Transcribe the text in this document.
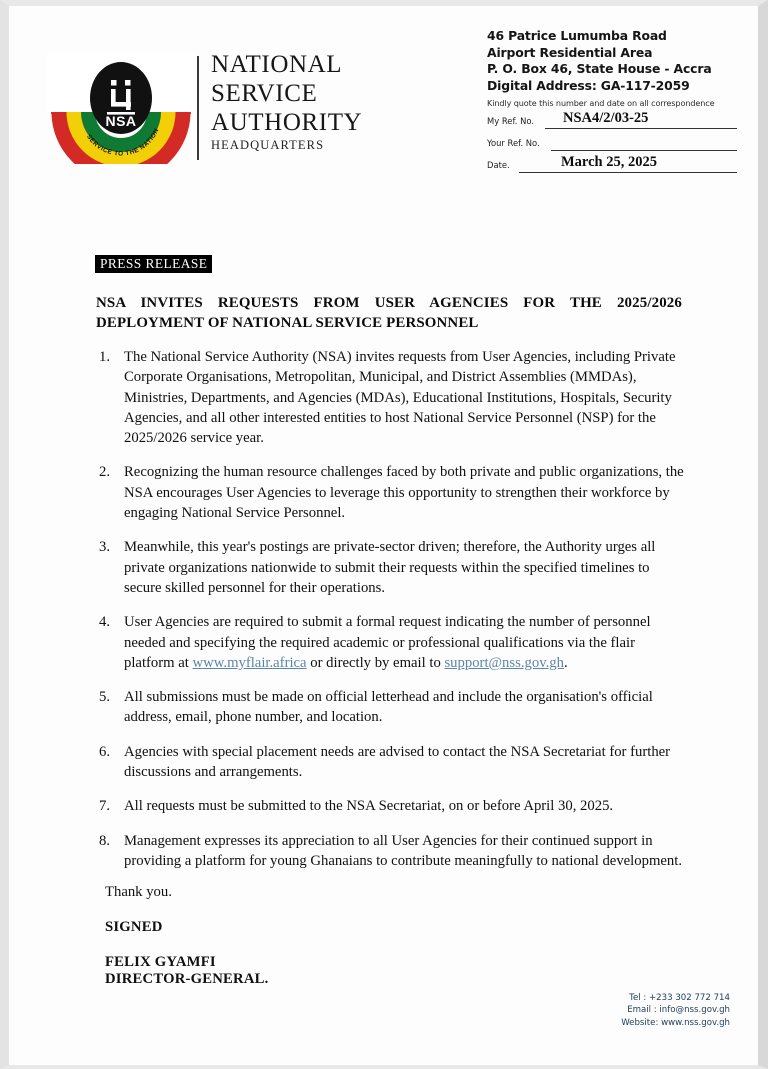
NSA
SERVICE TO THE NATION
NATIONAL
SERVICE
AUTHORITY
HEADQUARTERS
46 Patrice Lumumba Road
Airport Residential Area
P. O. Box 46, State House - Accra
Digital Address: GA-117-2059
Kindly quote this number and date on all correspondence
My Ref. No. NSA4/2/03-25
Your Ref. No.
Date.	March 25, 2025
PRESS RELEASE
NSA INVITES REQUESTS FROM USER AGENCIES FOR THE 2025/2026 DEPLOYMENT OF NATIONAL SERVICE PERSONNEL
1. The National Service Authority (NSA) invites requests from User Agencies, including Private Corporate Organisations, Metropolitan, Municipal, and District Assemblies (MMDAs), Ministries, Departments, and Agencies (MDAs), Educational Institutions, Hospitals, Security Agencies, and all other interested entities to host National Service Personnel (NSP) for the 2025/2026 service year.
2. Recognizing the human resource challenges faced by both private and public organizations, the NSA encourages User Agencies to leverage this opportunity to strengthen their workforce by engaging National Service Personnel.
3. Meanwhile, this year's postings are private-sector driven; therefore, the Authority urges all private organizations nationwide to submit their requests within the specified timelines to secure skilled personnel for their operations.
4. User Agencies are required to submit a formal request indicating the number of personnel needed and specifying the required academic or professional qualifications via the flair platform at www.myflair.africa or directly by email to support@nss.gov.gh.
5. All submissions must be made on official letterhead and include the organisation's official address, email, phone number, and location.
6. Agencies with special placement needs are advised to contact the NSA Secretariat for further discussions and arrangements.
7. All requests must be submitted to the NSA Secretariat, on or before April 30, 2025.
8. Management expresses its appreciation to all User Agencies for their continued support in providing a platform for young Ghanaians to contribute meaningfully to national development.
Thank you.
SIGNED
FELIX GYAMFI
DIRECTOR-GENERAL.
Tel : +233 302 772 714
Email : info@nss.gov.gh
Website: www.nss.gov.gh
